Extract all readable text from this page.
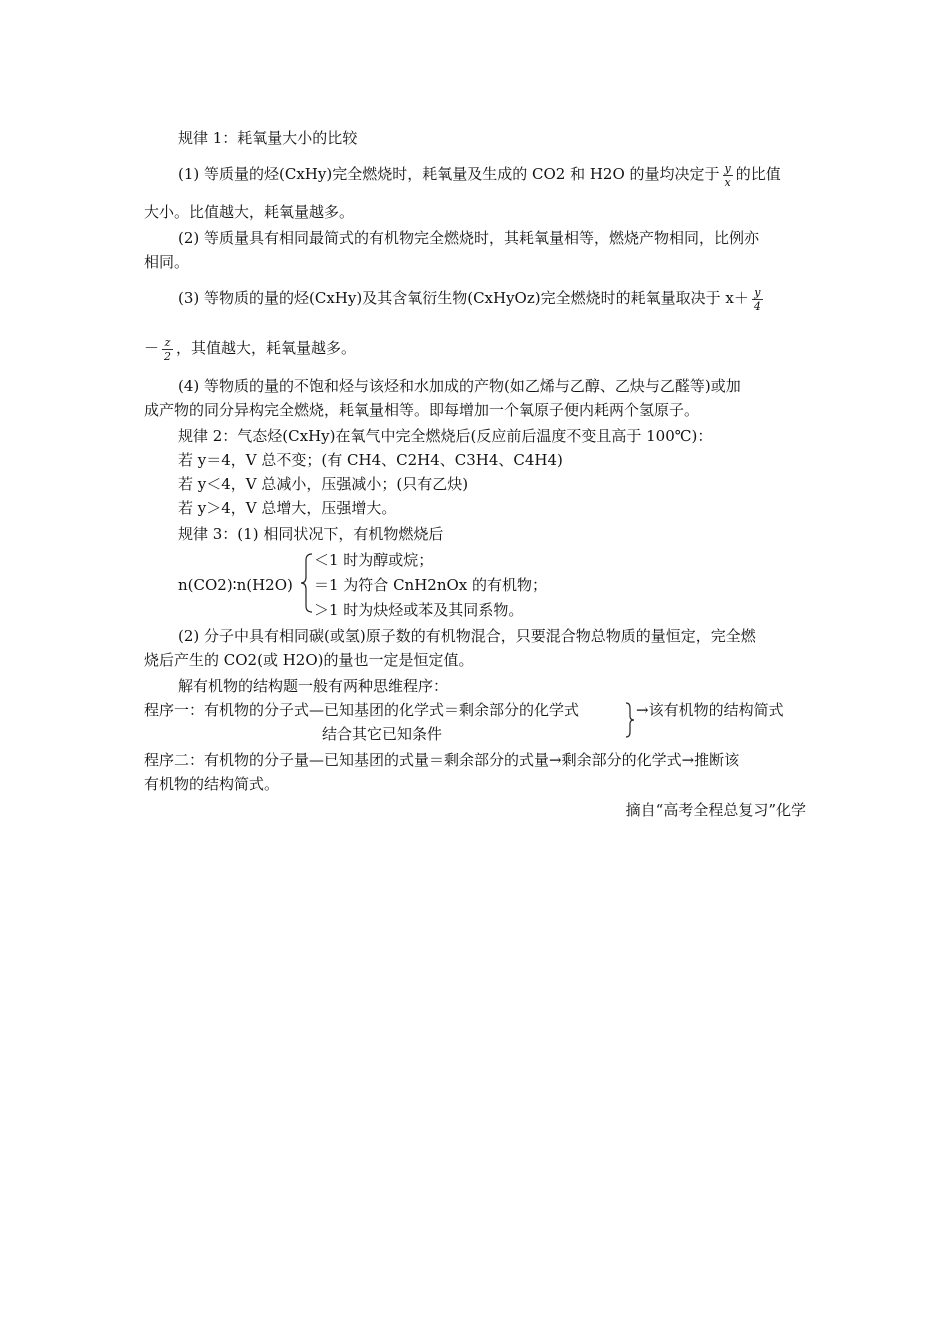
规律 1：耗氧量大小的比较
(1) 等质量的烃(CxHy)完全燃烧时，耗氧量及生成的 CO2 和 H2O 的量均决定于 $\frac{y}{x}$ 的比值
大小。比值越大，耗氧量越多。
(2) 等质量具有相同最简式的有机物完全燃烧时，其耗氧量相等，燃烧产物相同，比例亦
相同。
(3) 等物质的量的烃(CxHy)及其含氧衍生物(CxHyOz)完全燃烧时的耗氧量取决于 $x+ \frac{y}{4}$
－ $\frac{z}{2}$ ，其值越大，耗氧量越多。
(4) 等物质的量的不饱和烃与该烃和水加成的产物(如乙烯与乙醇、乙炔与乙醛等)或加
成产物的同分异构完全燃烧，耗氧量相等。即每增加一个氧原子便内耗两个氢原子。
规律 2：气态烃(CxHy)在氧气中完全燃烧后(反应前后温度不变且高于 100℃)：
若 y＝4，V 总不变；(有 CH4、C2H4、C3H4、C4H4)
若 y＜4，V 总减小，压强减小；(只有乙炔)
若 y＞4，V 总增大，压强增大。
规律 3：(1) 相同状况下，有机物燃烧后
n(CO2)∶n(H2O)
＜1 时为醇或烷；
＝1 为符合 CnH2nOx 的有机物；
＞1 时为炔烃或苯及其同系物。
(2) 分子中具有相同碳(或氢)原子数的有机物混合，只要混合物总物质的量恒定，完全燃
烧后产生的 CO2(或 H2O)的量也一定是恒定值。
解有机物的结构题一般有两种思维程序：
程序一：有机物的分子式—已知基团的化学式＝剩余部分的化学式	→该有机物的结构简式
结合其它已知条件
程序二：有机物的分子量—已知基团的式量＝剩余部分的式量→剩余部分的化学式→推断该
有机物的结构简式。
摘自“高考全程总复习”化学
